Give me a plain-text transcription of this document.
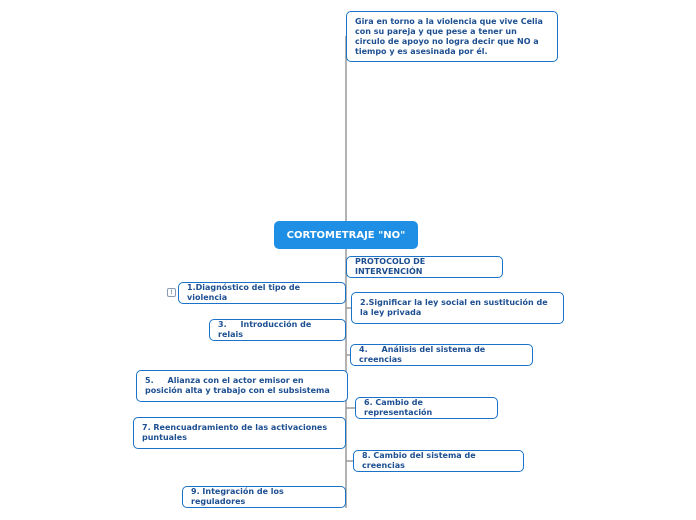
Gira en torno a la violencia que vive Celia con su pareja y que pese a tener un circulo de apoyo no logra decir que NO a tiempo y es asesinada por él.
CORTOMETRAJE "NO"
PROTOCOLO DE INTERVENCIÓN
!
1.Diagnóstico del tipo de violencia
2.Significar la ley social en sustitución de la ley privada
3.     Introducción de relais
4.     Análisis del sistema de creencias
5.     Alianza con el actor emisor en posición alta y trabajo con el subsistema
6. Cambio de representación
7. Reencuadramiento de las activaciones puntuales
8. Cambio del sistema de creencias
9. Integración de los reguladores
